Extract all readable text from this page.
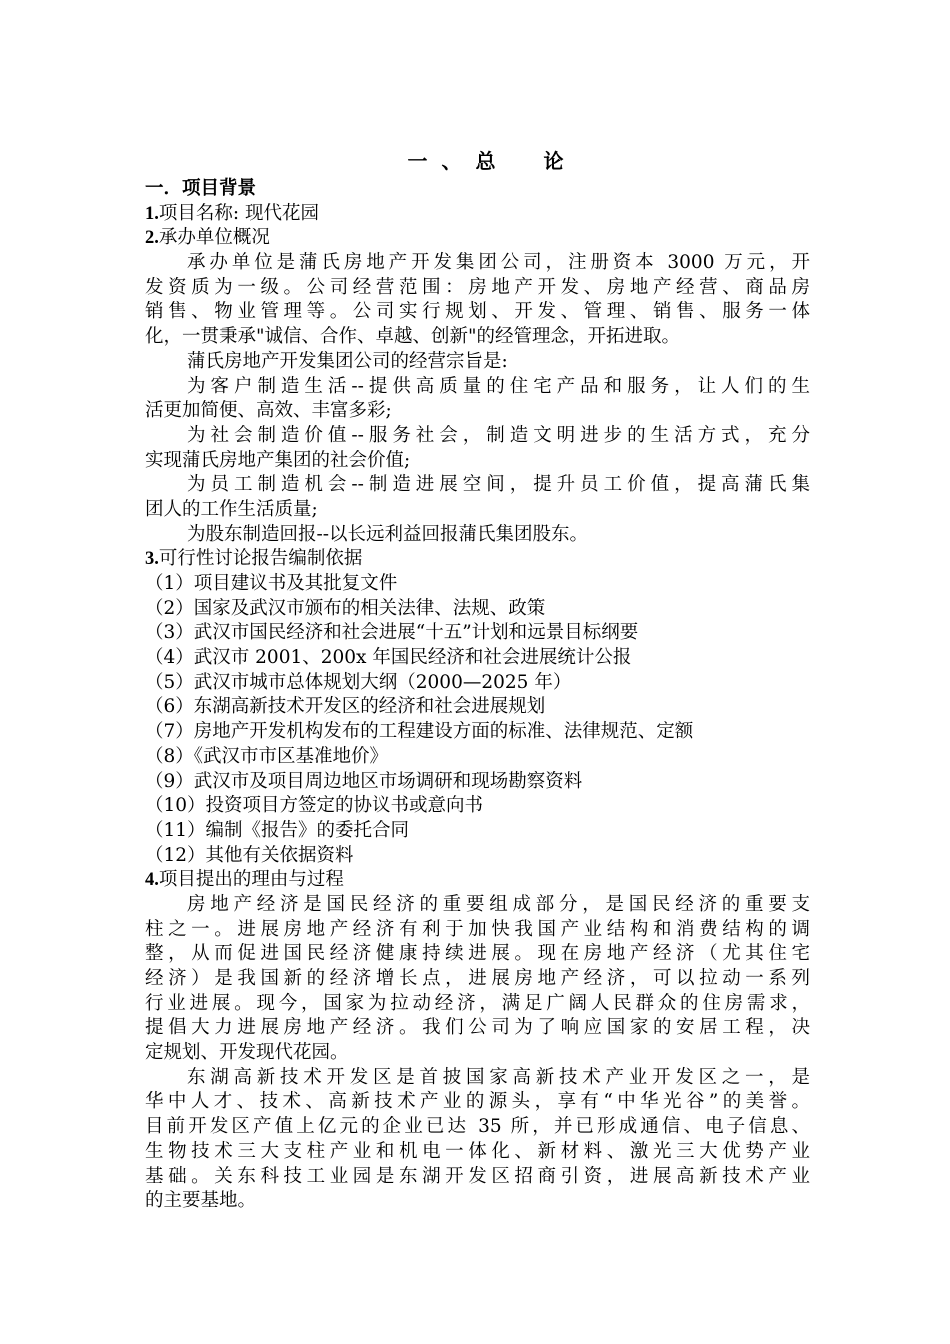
一、总　论
一．项目背景
1.项目名称: 现代花园
2.承办单位概况
承办单位是蒲氏房地产开发集团公司，注册资本 3000 万元，开
发资质为一级。公司经营范围：房地产开发、房地产经营、商品房
销售、物业管理等。公司实行规划、开发、管理、销售、服务一体
化，一贯秉承"诚信、合作、卓越、创新"的经管理念，开拓进取。
蒲氏房地产开发集团公司的经营宗旨是:
为客户制造生活--提供高质量的住宅产品和服务，让人们的生
活更加简便、高效、丰富多彩;
为社会制造价值--服务社会，制造文明进步的生活方式，充分
实现蒲氏房地产集团的社会价值;
为员工制造机会--制造进展空间，提升员工价值，提高蒲氏集
团人的工作生活质量;
为股东制造回报--以长远利益回报蒲氏集团股东。
3.可行性讨论报告编制依据
（1）项目建议书及其批复文件
（2）国家及武汉市颁布的相关法律、法规、政策
（3）武汉市国民经济和社会进展“十五”计划和远景目标纲要
（4）武汉市 2001、200x 年国民经济和社会进展统计公报
（5）武汉市城市总体规划大纲（2000—2025 年）
（6）东湖高新技术开发区的经济和社会进展规划
（7）房地产开发机构发布的工程建设方面的标准、法律规范、定额
（8）《武汉市市区基准地价》
（9）武汉市及项目周边地区市场调研和现场勘察资料
（10）投资项目方签定的协议书或意向书
（11）编制《报告》的委托合同
（12）其他有关依据资料
4.项目提出的理由与过程
房地产经济是国民经济的重要组成部分，是国民经济的重要支
柱之一。进展房地产经济有利于加快我国产业结构和消费结构的调
整，从而促进国民经济健康持续进展。现在房地产经济（尤其住宅
经济）是我国新的经济增长点，进展房地产经济，可以拉动一系列
行业进展。现今，国家为拉动经济，满足广阔人民群众的住房需求，
提倡大力进展房地产经济。我们公司为了响应国家的安居工程，决
定规划、开发现代花园。
东湖高新技术开发区是首披国家高新技术产业开发区之一，是
华中人才、技术、高新技术产业的源头，享有“中华光谷”的美誉。
目前开发区产值上亿元的企业已达 35 所，并已形成通信、电子信息、
生物技术三大支柱产业和机电一体化、新材料、激光三大优势产业
基础。关东科技工业园是东湖开发区招商引资，进展高新技术产业
的主要基地。
